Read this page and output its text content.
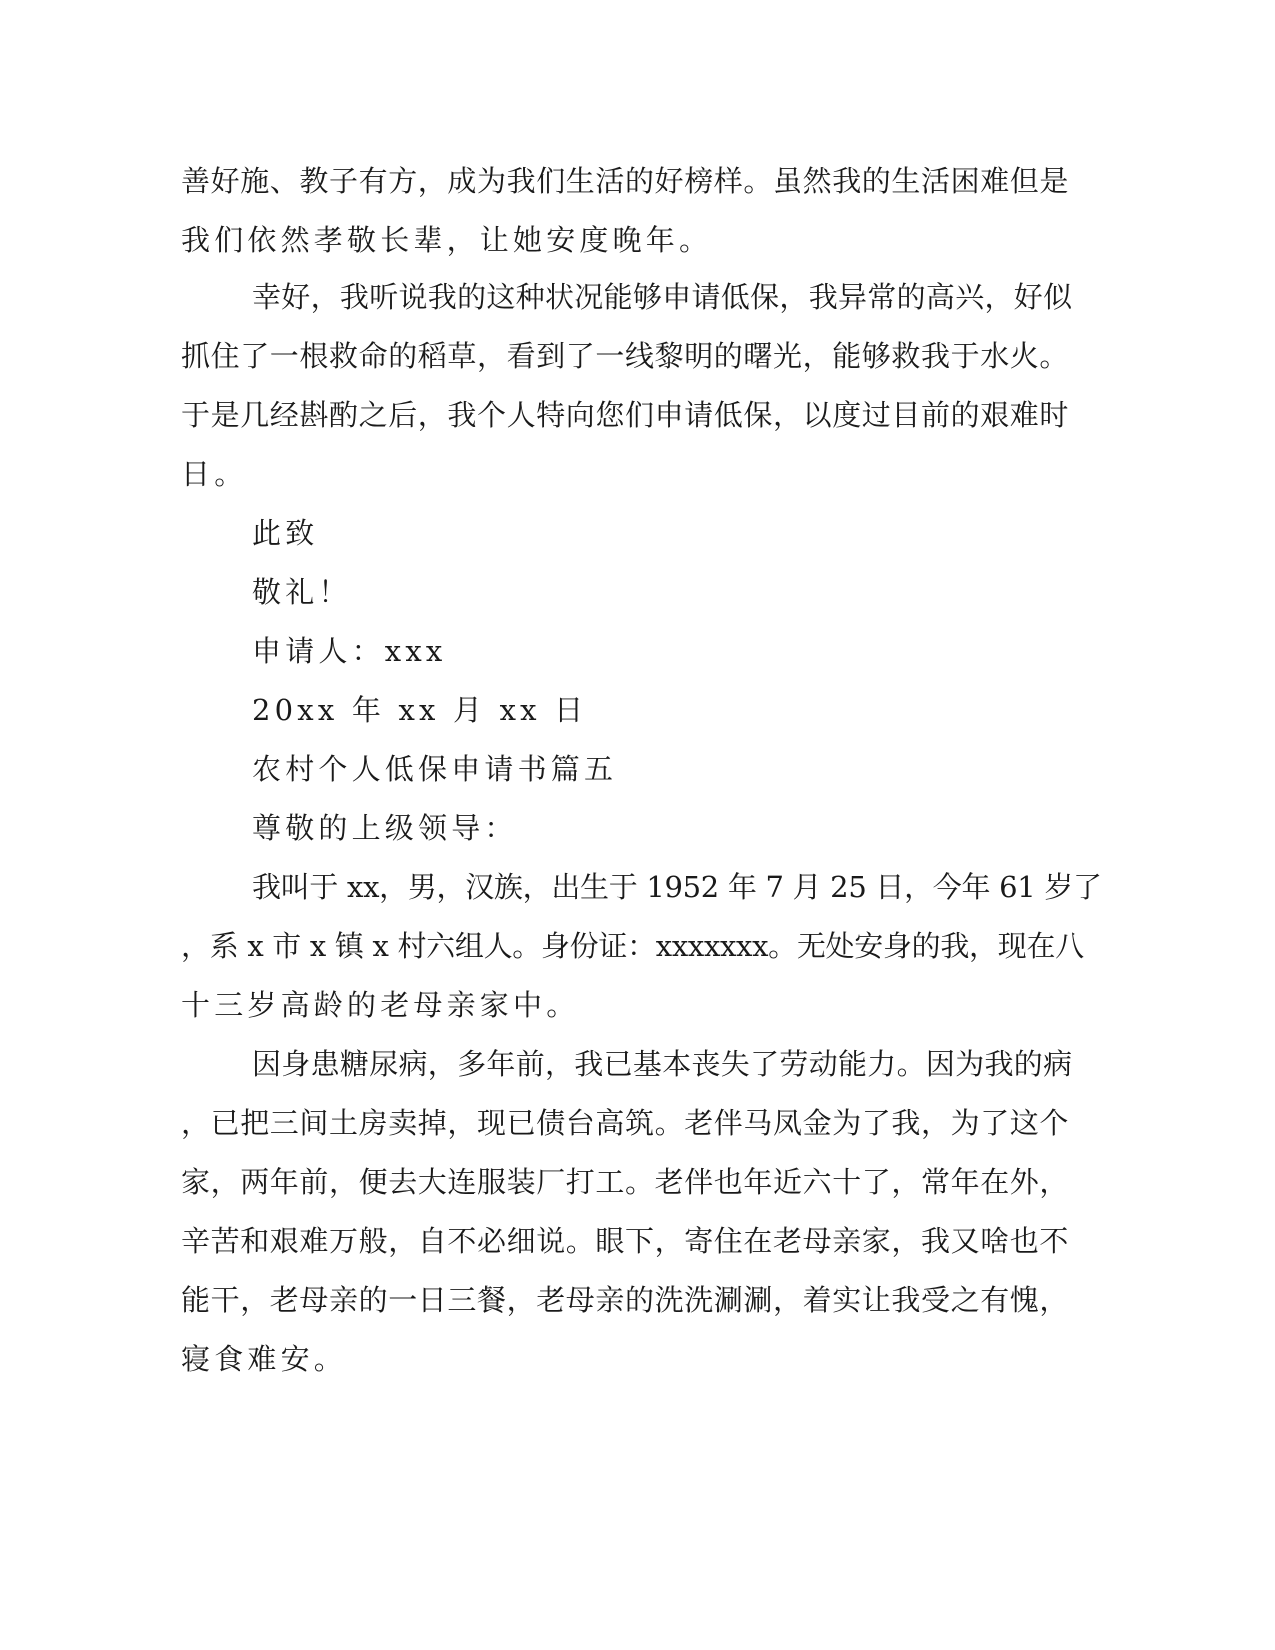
善好施、教子有方，成为我们生活的好榜样。虽然我的生活困难但是

我们依然孝敬长辈，让她安度晚年。

幸好，我听说我的这种状况能够申请低保，我异常的高兴，好似

抓住了一根救命的稻草，看到了一线黎明的曙光，能够救我于水火。

于是几经斟酌之后，我个人特向您们申请低保，以度过目前的艰难时

日。

此致

敬礼！

申请人：xxx

20xx 年 xx 月 xx 日

农村个人低保申请书篇五

尊敬的上级领导：

我叫于 xx，男，汉族，出生于 1952 年 7 月 25 日，今年 61 岁了

，系 x 市 x 镇 x 村六组人。身份证：xxxxxxx。无处安身的我，现在八

十三岁高龄的老母亲家中。

因身患糖尿病，多年前，我已基本丧失了劳动能力。因为我的病

，已把三间土房卖掉，现已债台高筑。老伴马凤金为了我，为了这个

家，两年前，便去大连服装厂打工。老伴也年近六十了，常年在外，

辛苦和艰难万般，自不必细说。眼下，寄住在老母亲家，我又啥也不

能干，老母亲的一日三餐，老母亲的洗洗涮涮，着实让我受之有愧，

寝食难安。
